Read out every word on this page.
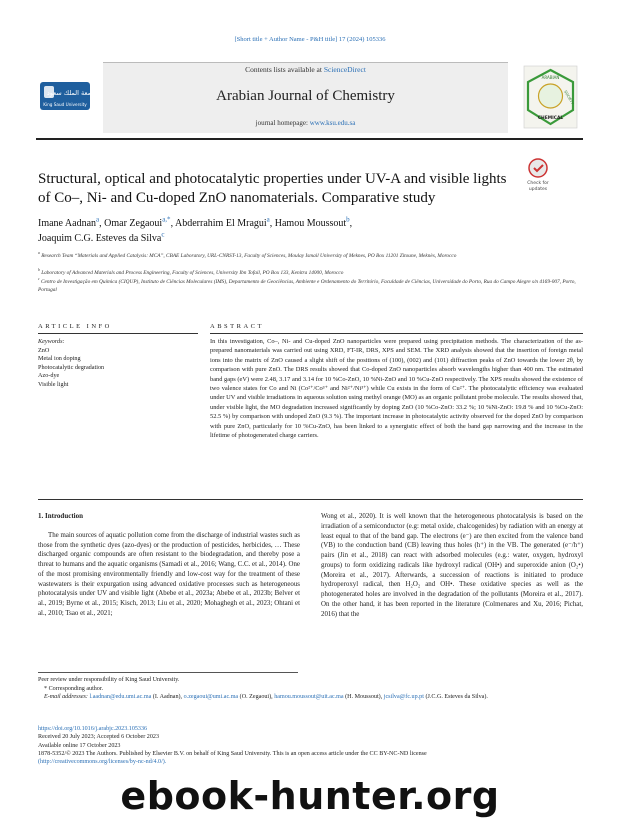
[Short title + Author Name - P&H title] 17 (2024) 105336
جامعة الملك سعود
King Saud University
Contents lists available at ScienceDirect
Arabian Journal of Chemistry
journal homepage: www.ksu.edu.sa
ARABIAN
SOCIETY
CHEMICAL
Structural, optical and photocatalytic properties under UV-A and visible lights of Co–, Ni- and Cu-doped ZnO nanomaterials. Comparative study
Check for
updates
Imane Aadnan$^a$, Omar Zegaoui$^{a,*}$, Abderrahim El Mragui$^a$, Hamou Moussout$^b$,
Joaquim C.G. Esteves da Silva$^c$
$^a$ Research Team “Materials and Applied Catalysis: MCA”, CBAE Laboratory, URL-CNRST-13, Faculty of Sciences, Moulay Ismail University of Meknes, PO Box 11201 Zitoune, Meknès, Morocco
$^b$ Laboratory of Advanced Materials and Process Engineering, Faculty of Sciences, University Ibn Tofail, PO Box 133, Kenitra 14000, Morocco
$^c$ Centro de Investigação em Química (CIQUP), Instituto de Ciências Moleculares (IMS), Departamento de Geociências, Ambiente e Ordenamento do Território, Faculdade de Ciências, Universidade do Porto, Rua do Campo Alegre s/n 4169-007, Porto, Portugal
ARTICLE INFO	ABSTRACT
Keywords:
ZnO
Metal ion doping
Photocatalytic degradation
Azo-dye
Visible light
In this investigation, Co–, Ni- and Cu-doped ZnO nanoparticles were prepared using precipitation methods. The characterization of the as-prepared nanomaterials was carried out using XRD, FT-IR, DRS, XPS and SEM. The XRD analysis showed that the insertion of foreign metal ions into the matrix of ZnO caused a slight shift of the positions of (100), (002) and (101) diffraction peaks of ZnO towards the lower 2θ, by comparison with pure ZnO. The DRS results showed that Co-doped ZnO nanoparticles absorb wavelengths higher than 400 nm. The estimated band gaps (eV) were 2.48, 3.17 and 3.14 for 10 %Co-ZnO, 10 %Ni-ZnO and 10 %Cu-ZnO respectively. The XPS results showed the existence of two valence states for Co and Ni (Co²⁺/Co³⁺ and Ni²⁺/Ni³⁺) while Cu exists in the form of Cu²⁺. The photocatalytic efficiency was evaluated under UV and visible irradiations in aqueous solution using methyl orange (MO) as an organic pollutant probe molecule. The results showed that, under visible light, the MO degradation increased significantly by doping ZnO (10 %Co-ZnO: 33.2 %; 10 %Ni-ZnO: 19.8 % and 10 %Cu-ZnO: 52.5 %) by comparison with undoped ZnO (9.3 %). The important increase in photocatalytic activity observed for the doped ZnO by comparison with pure ZnO, particularly for 10 %Cu-ZnO, has been linked to a synergistic effect of both the band gap narrowing and the increase in the lifetime of photogenerated charge carriers.

1. Introduction

The main sources of aquatic pollution come from the discharge of industrial wastes such as those from the synthetic dyes (azo-dyes) or the production of pesticides, herbicides, … These discharged organic compounds are often resistant to the biodegradation, and thereby pose a threat to humans and the aquatic organisms (Samadi et al., 2016; Wang, C.C. et al., 2014). One of the most promising environmentally friendly and low-cost way for the treatment of these wastewaters is their expurgation using advanced oxidative processes such as heterogeneous photocatalysis under UV and visible light (Abebe et al., 2023a; Abebe et al., 2023b; Belver et al., 2019; Byrne et al., 2015; Kisch, 2013; Liu et al., 2020; Mohaghegh et al., 2023; Ohtani et al., 2010; Tsao et al., 2021;

Wong et al., 2020). It is well known that the heterogeneous photocatalysis is based on the irradiation of a semiconductor (e.g: metal oxide, chalcogenides) by radiation with an energy at least equal to that of the band gap. The electrons (e⁻) are then excited from the valence band (VB) to the conduction band (CB) leaving thus holes (h⁺) in the VB. The generated (e⁻/h⁺) pairs (Jin et al., 2018) can react with adsorbed molecules (e.g.: water, oxygen, hydroxyl groups) to form oxidizing radicals like hydroxyl radical (OH•) and superoxide anion (O₂•) (Moreira et al., 2017). Afterwards, a succession of reactions is initiated to produce hydroperoxyl radical, then H₂O₂ and OH•. These oxidative species as well as the photogenerated holes are involved in the degradation of the pollutants (Moreira et al., 2017). On the other hand, it has been reported in the literature (Colmenares and Xu, 2016; Pichat, 2016) that the

Peer review under responsibility of King Saud University.
* Corresponding author.
E-mail addresses: l.aadnan@edu.umi.ac.ma (I. Aadnan), o.zegaoui@umi.ac.ma (O. Zegaoui), hamou.moussout@uit.ac.ma (H. Moussout), jcsilva@fc.up.pt (J.C.G. Esteves da Silva).
https://doi.org/10.1016/j.arabjc.2023.105336
Received 20 July 2023; Accepted 6 October 2023
Available online 17 October 2023
1878-5352/© 2023 The Authors. Published by Elsevier B.V. on behalf of King Saud University. This is an open access article under the CC BY-NC-ND license
(http://creativecommons.org/licenses/by-nc-nd/4.0/).
ebook-hunter.org
